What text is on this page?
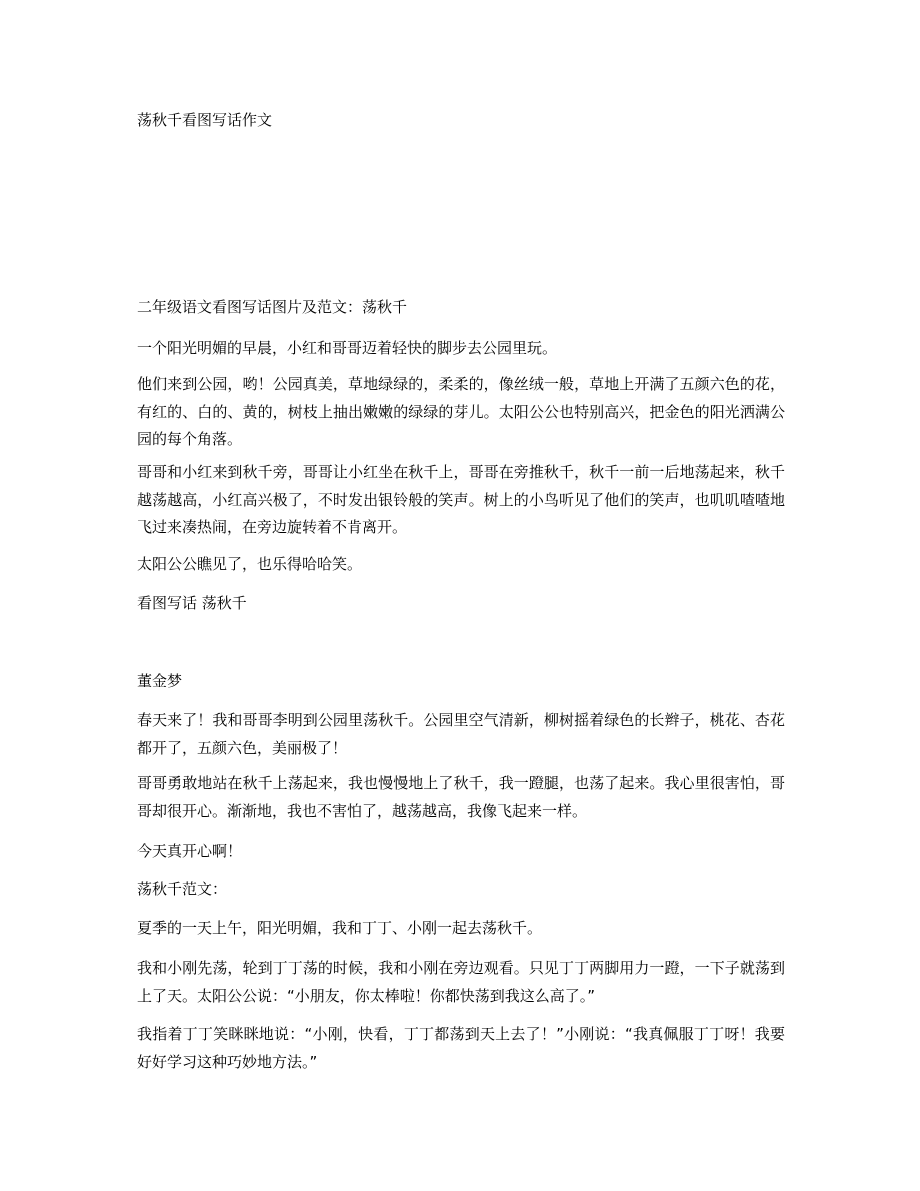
荡秋千看图写话作文

二年级语文看图写话图片及范文：荡秋千

一个阳光明媚的早晨，小红和哥哥迈着轻快的脚步去公园里玩。

他们来到公园，哟！公园真美，草地绿绿的，柔柔的，像丝绒一般，草地上开满了五颜六色的花，有红的、白的、黄的，树枝上抽出嫩嫩的绿绿的芽儿。太阳公公也特别高兴，把金色的阳光洒满公园的每个角落。

哥哥和小红来到秋千旁，哥哥让小红坐在秋千上，哥哥在旁推秋千，秋千一前一后地荡起来，秋千越荡越高，小红高兴极了，不时发出银铃般的笑声。树上的小鸟听见了他们的笑声，也叽叽喳喳地飞过来凑热闹，在旁边旋转着不肯离开。

太阳公公瞧见了，也乐得哈哈笑。

看图写话 荡秋千

董金梦

春天来了！我和哥哥李明到公园里荡秋千。公园里空气清新，柳树摇着绿色的长辫子，桃花、杏花都开了，五颜六色，美丽极了！

哥哥勇敢地站在秋千上荡起来，我也慢慢地上了秋千，我一蹬腿，也荡了起来。我心里很害怕，哥哥却很开心。渐渐地，我也不害怕了，越荡越高，我像飞起来一样。

今天真开心啊！

荡秋千范文：

夏季的一天上午，阳光明媚，我和丁丁、小刚一起去荡秋千。

我和小刚先荡，轮到丁丁荡的时候，我和小刚在旁边观看。只见丁丁两脚用力一蹬，一下子就荡到上了天。太阳公公说：“小朋友，你太棒啦！你都快荡到我这么高了。”

我指着丁丁笑眯眯地说：“小刚，快看，丁丁都荡到天上去了！”小刚说：“我真佩服丁丁呀！我要好好学习这种巧妙地方法。”
